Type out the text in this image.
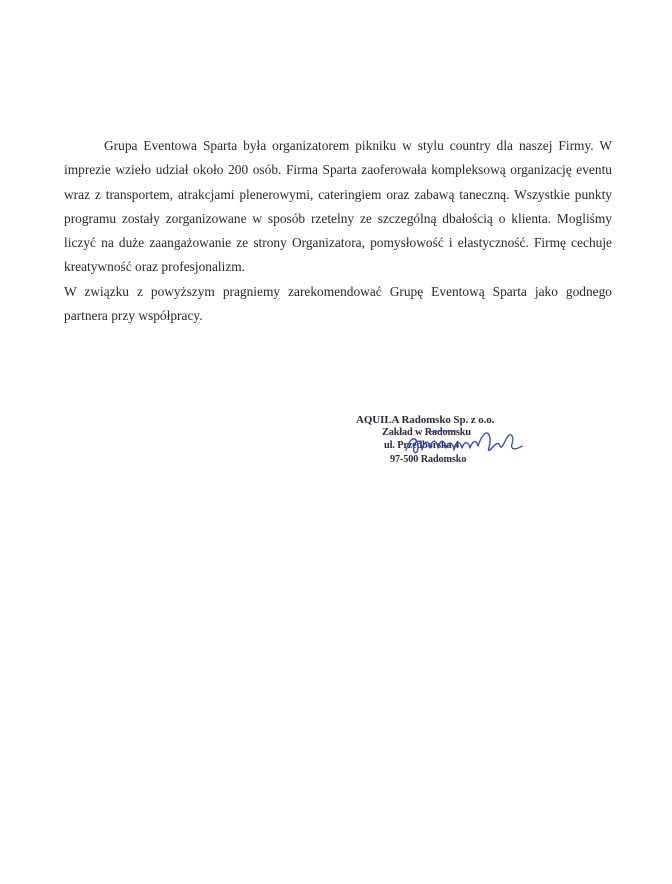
Grupa Eventowa Sparta była organizatorem pikniku w stylu country dla naszej Firmy. W imprezie wzieło udział około 200 osób. Firma Sparta zaoferowała kompleksową organizację eventu wraz z transportem, atrakcjami plenerowymi, cateringiem oraz zabawą taneczną. Wszystkie punkty programu zostały zorganizowane w sposób rzetelny ze szczególną dbałością o klienta. Mogliśmy liczyć na duże zaangażowanie ze strony Organizatora, pomysłowość i elastyczność. Firmę cechuje kreatywność oraz profesjonalizm.

W związku z powyższym pragniemy zarekomendować Grupę Eventową Sparta jako godnego partnera przy współpracy.

AQUILA Radomsko Sp. z o.o.
Zakład w Radomsku
ul. Przedborska 4
97-500 Radomsko
